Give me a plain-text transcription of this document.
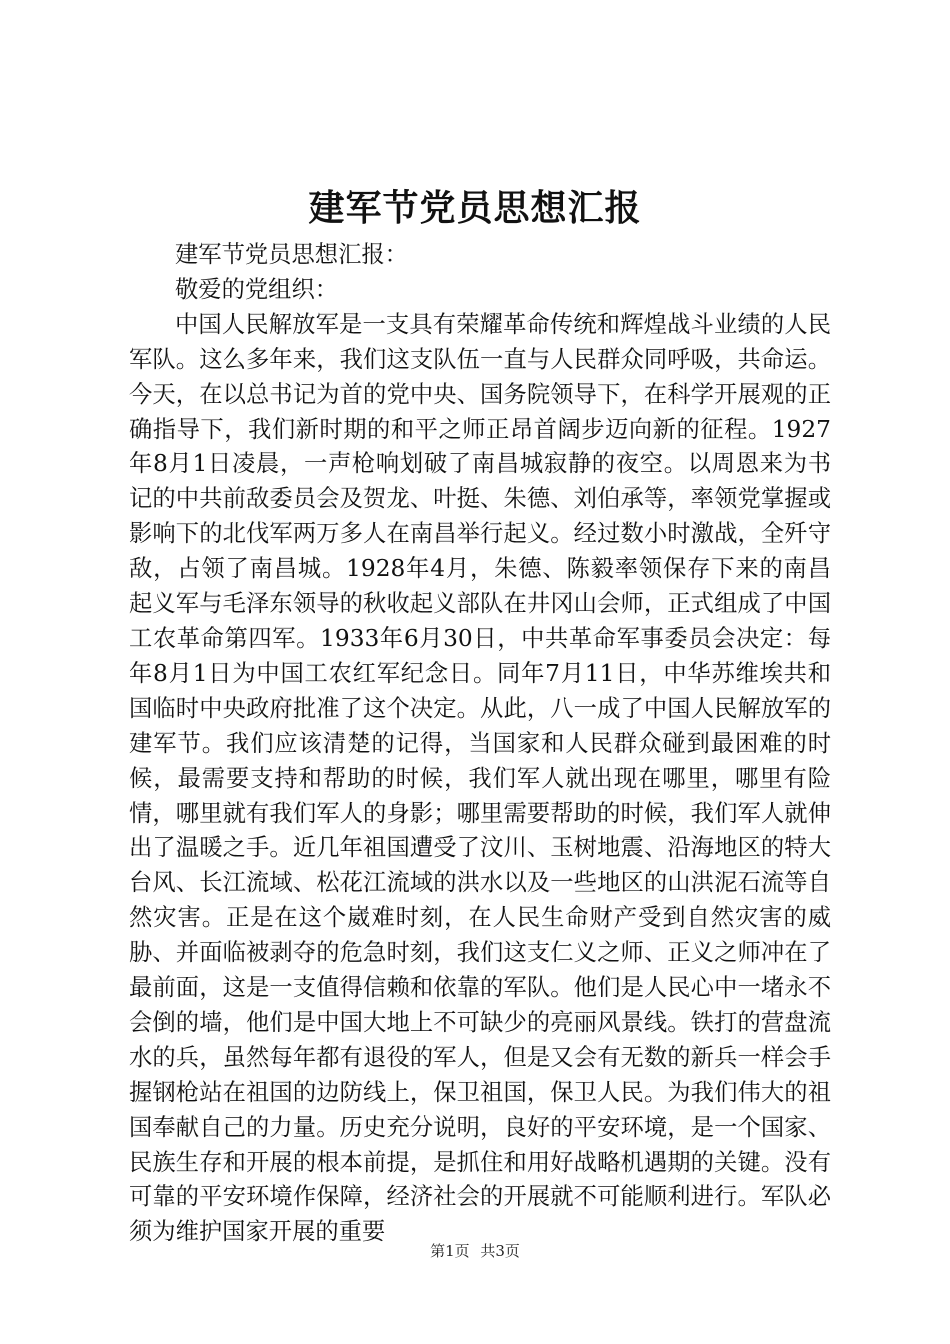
建军节党员思想汇报

建军节党员思想汇报：

敬爱的党组织：

中国人民解放军是一支具有荣耀革命传统和辉煌战斗业绩的人民军队。这么多年来，我们这支队伍一直与人民群众同呼吸，共命运。今天，在以总书记为首的党中央、国务院领导下，在科学开展观的正确指导下，我们新时期的和平之师正昂首阔步迈向新的征程。1927年8月1日凌晨，一声枪响划破了南昌城寂静的夜空。以周恩来为书记的中共前敌委员会及贺龙、叶挺、朱德、刘伯承等，率领党掌握或影响下的北伐军两万多人在南昌举行起义。经过数小时激战，全歼守敌，占领了南昌城。1928年4月，朱德、陈毅率领保存下来的南昌起义军与毛泽东领导的秋收起义部队在井冈山会师，正式组成了中国工农革命第四军。1933年6月30日，中共革命军事委员会决定：每年8月1日为中国工农红军纪念日。同年7月11日，中华苏维埃共和国临时中央政府批准了这个决定。从此，八一成了中国人民解放军的建军节。我们应该清楚的记得，当国家和人民群众碰到最困难的时候，最需要支持和帮助的时候，我们军人就出现在哪里，哪里有险情，哪里就有我们军人的身影；哪里需要帮助的时候，我们军人就伸出了温暖之手。近几年祖国遭受了汶川、玉树地震、沿海地区的特大台风、长江流域、松花江流域的洪水以及一些地区的山洪泥石流等自然灾害。正是在这个崴难时刻，在人民生命财产受到自然灾害的威胁、并面临被剥夺的危急时刻，我们这支仁义之师、正义之师冲在了最前面，这是一支值得信赖和依靠的军队。他们是人民心中一堵永不会倒的墙，他们是中国大地上不可缺少的亮丽风景线。铁打的营盘流水的兵，虽然每年都有退役的军人，但是又会有无数的新兵一样会手握钢枪站在祖国的边防线上，保卫祖国，保卫人民。为我们伟大的祖国奉献自己的力量。历史充分说明，良好的平安环境，是一个国家、民族生存和开展的根本前提，是抓住和用好战略机遇期的关键。没有可靠的平安环境作保障，经济社会的开展就不可能顺利进行。军队必须为维护国家开展的重要

第1页 共3页
